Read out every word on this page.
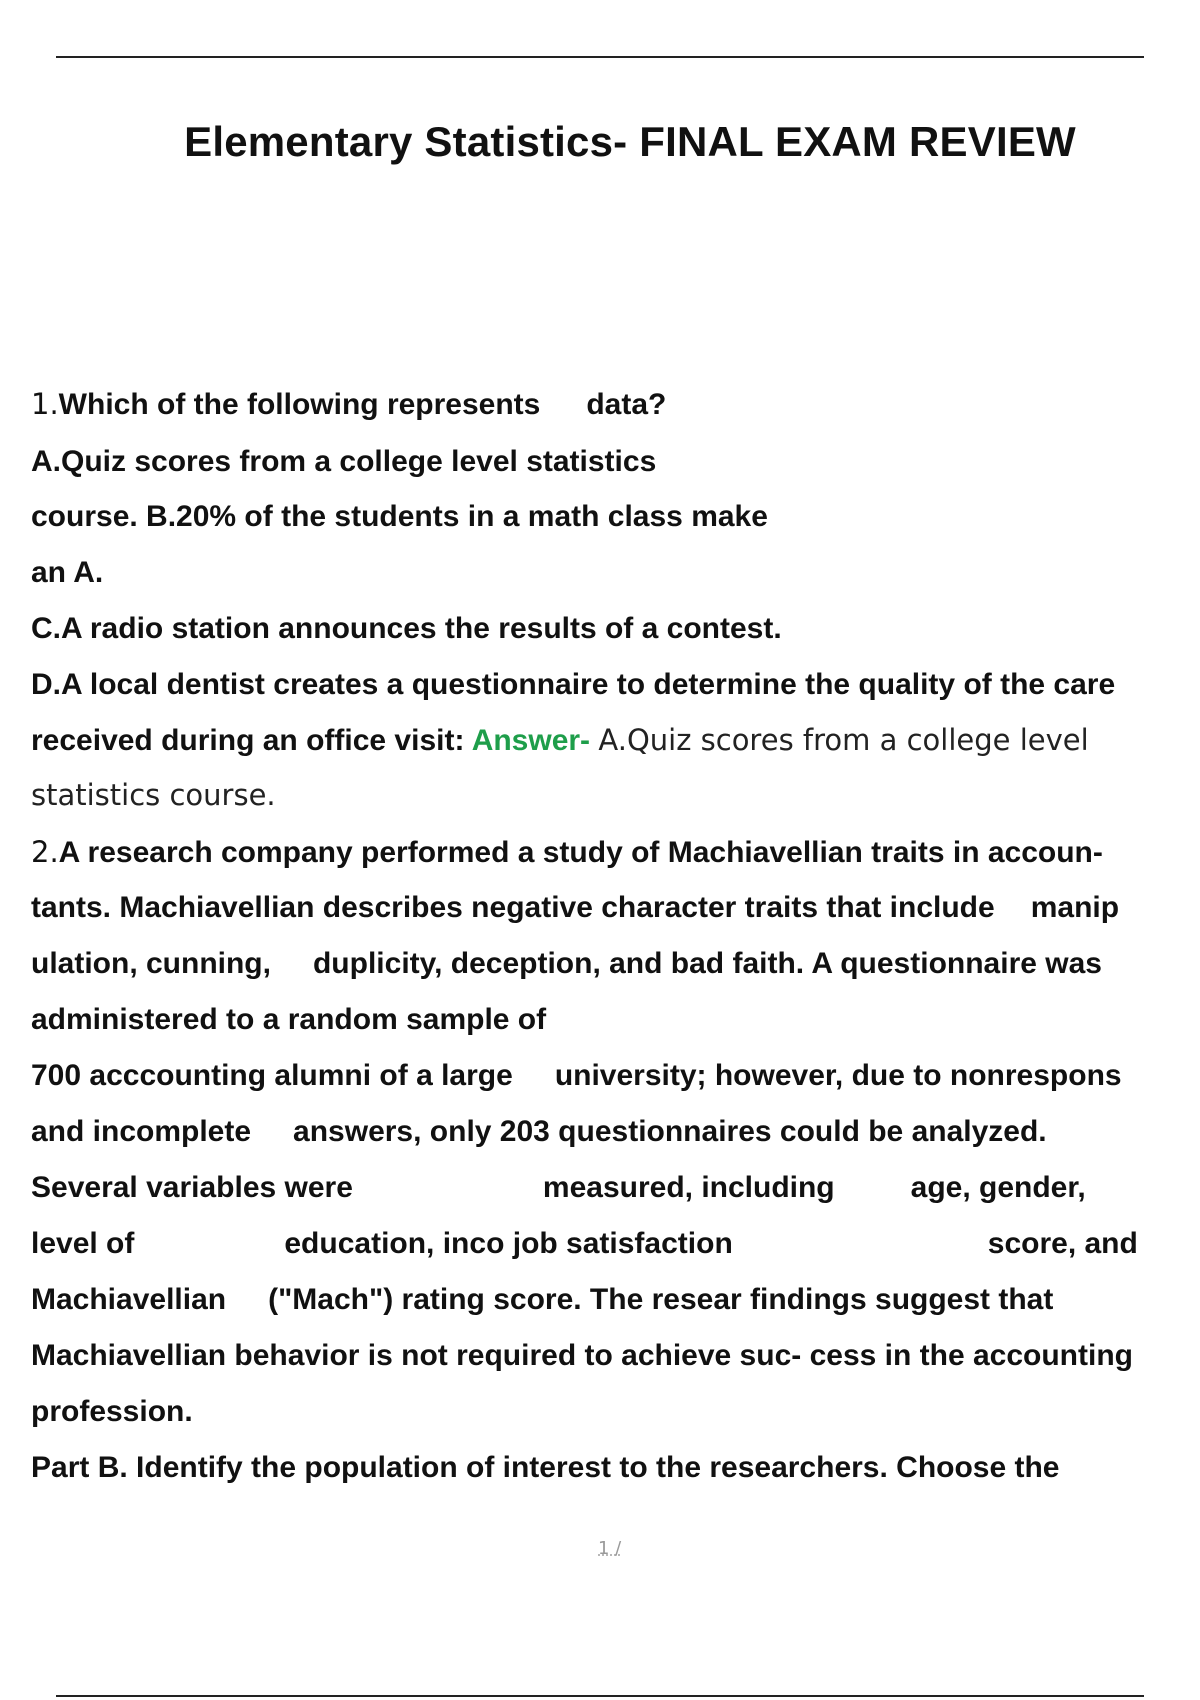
Elementary Statistics- FINAL EXAM REVIEW
1.Which of the following represents data?
A.Quiz scores from a college level statistics
course. B.20% of the students in a math class make
an A.
C.A radio station announces the results of a contest.
D.A local dentist creates a questionnaire to determine the quality of the care
received during an office visit: Answer- A.Quiz scores from a college level
statistics course.
2.A research company performed a study of Machiavellian traits in accoun-
tants. Machiavellian describes negative character traits that include manip
ulation, cunning, duplicity, deception, and bad faith. A questionnaire was
administered to a random sample of
700 acccounting alumni of a large university; however, due to nonrespons
and incomplete answers, only 203 questionnaires could be analyzed.
Several variables were	measured, including	age, gender,
level of	education, inco job satisfaction	score, and
Machiavellian ("Mach") rating score. The resear findings suggest that
Machiavellian behavior is not required to achieve suc- cess in the accounting
profession.
Part B. Identify the population of interest to the researchers. Choose the
1 /
